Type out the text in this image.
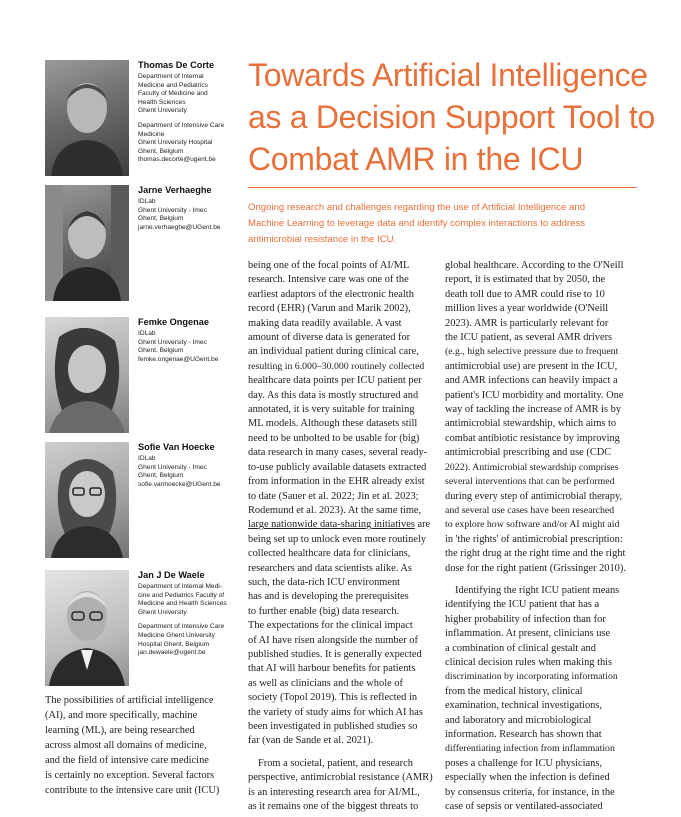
Thomas De Corte
Department of Internal
Medicine and Pediatrics
Faculty of Medicine and
Health Sciences
Ghent University
Department of Intensive Care
Medicine
Ghent University Hospital
Ghent, Belgium
thomas.decorte@ugent.be
Jarne Verhaeghe
IDLab
Ghent University - Imec
Ghent, Belgium
jarne.verhaeghe@UGent.be
Femke Ongenae
IDLab
Ghent University - Imec
Ghent, Belgium
femke.ongenae@UGent.be
Sofie Van Hoecke
IDLab
Ghent University - Imec
Ghent, Belgium
sofie.vanhoecke@UGent.be
Jan J De Waele
Department of Internal Medi-
cine and Pediatrics Faculty of
Medicine and Health Sciences
Ghent University
Department of Intensive Care
Medicine Ghent University
Hospital Ghent, Belgium
jan.dewaele@ugent.be
The possibilities of artificial intelligence
(AI), and more specifically, machine
learning (ML), are being researched
across almost all domains of medicine,
and the field of intensive care medicine
is certainly no exception. Several factors
contribute to the intensive care unit (ICU)
Towards Artificial Intelligence
as a Decision Support Tool to
Combat AMR in the ICU
Ongoing research and challenges regarding the use of Artificial Intelligence and
Machine Learning to leverage data and identify complex interactions to address
antimicrobial resistance in the ICU.
being one of the focal points of AI/ML
research. Intensive care was one of the
earliest adaptors of the electronic health
record (EHR) (Varun and Marik 2002),
making data readily available. A vast
amount of diverse data is generated for
an individual patient during clinical care,
resulting in 6.000–30.000 routinely collected
healthcare data points per ICU patient per
day. As this data is mostly structured and
annotated, it is very suitable for training
ML models. Although these datasets still
need to be unbolted to be usable for (big)
data research in many cases, several ready-
to-use publicly available datasets extracted
from information in the EHR already exist
to date (Sauer et al. 2022; Jin et al. 2023;
Rodemund et al. 2023). At the same time,
large nationwide data-sharing initiatives are
being set up to unlock even more routinely
collected healthcare data for clinicians,
researchers and data scientists alike. As
such, the data-rich ICU environment
has and is developing the prerequisites
to further enable (big) data research.
The expectations for the clinical impact
of AI have risen alongside the number of
published studies. It is generally expected
that AI will harbour benefits for patients
as well as clinicians and the whole of
society (Topol 2019). This is reflected in
the variety of study aims for which AI has
been investigated in published studies so
far (van de Sande et al. 2021).
From a societal, patient, and research
perspective, antimicrobial resistance (AMR)
is an interesting research area for AI/ML,
as it remains one of the biggest threats to
global healthcare. According to the O'Neill
report, it is estimated that by 2050, the
death toll due to AMR could rise to 10
million lives a year worldwide (O'Neill
2023). AMR is particularly relevant for
the ICU patient, as several AMR drivers
(e.g., high selective pressure due to frequent
antimicrobial use) are present in the ICU,
and AMR infections can heavily impact a
patient's ICU morbidity and mortality. One
way of tackling the increase of AMR is by
antimicrobial stewardship, which aims to
combat antibiotic resistance by improving
antimicrobial prescribing and use (CDC
2022). Antimicrobial stewardship comprises
several interventions that can be performed
during every step of antimicrobial therapy,
and several use cases have been researched
to explore how software and/or AI might aid
in 'the rights' of antimicrobial prescription:
the right drug at the right time and the right
dose for the right patient (Grissinger 2010).
Identifying the right ICU patient means
identifying the ICU patient that has a
higher probability of infection than for
inflammation. At present, clinicians use
a combination of clinical gestalt and
clinical decision rules when making this
discrimination by incorporating information
from the medical history, clinical
examination, technical investigations,
and laboratory and microbiological
information. Research has shown that
differentiating infection from inflammation
poses a challenge for ICU physicians,
especially when the infection is defined
by consensus criteria, for instance, in the
case of sepsis or ventilated-associated
